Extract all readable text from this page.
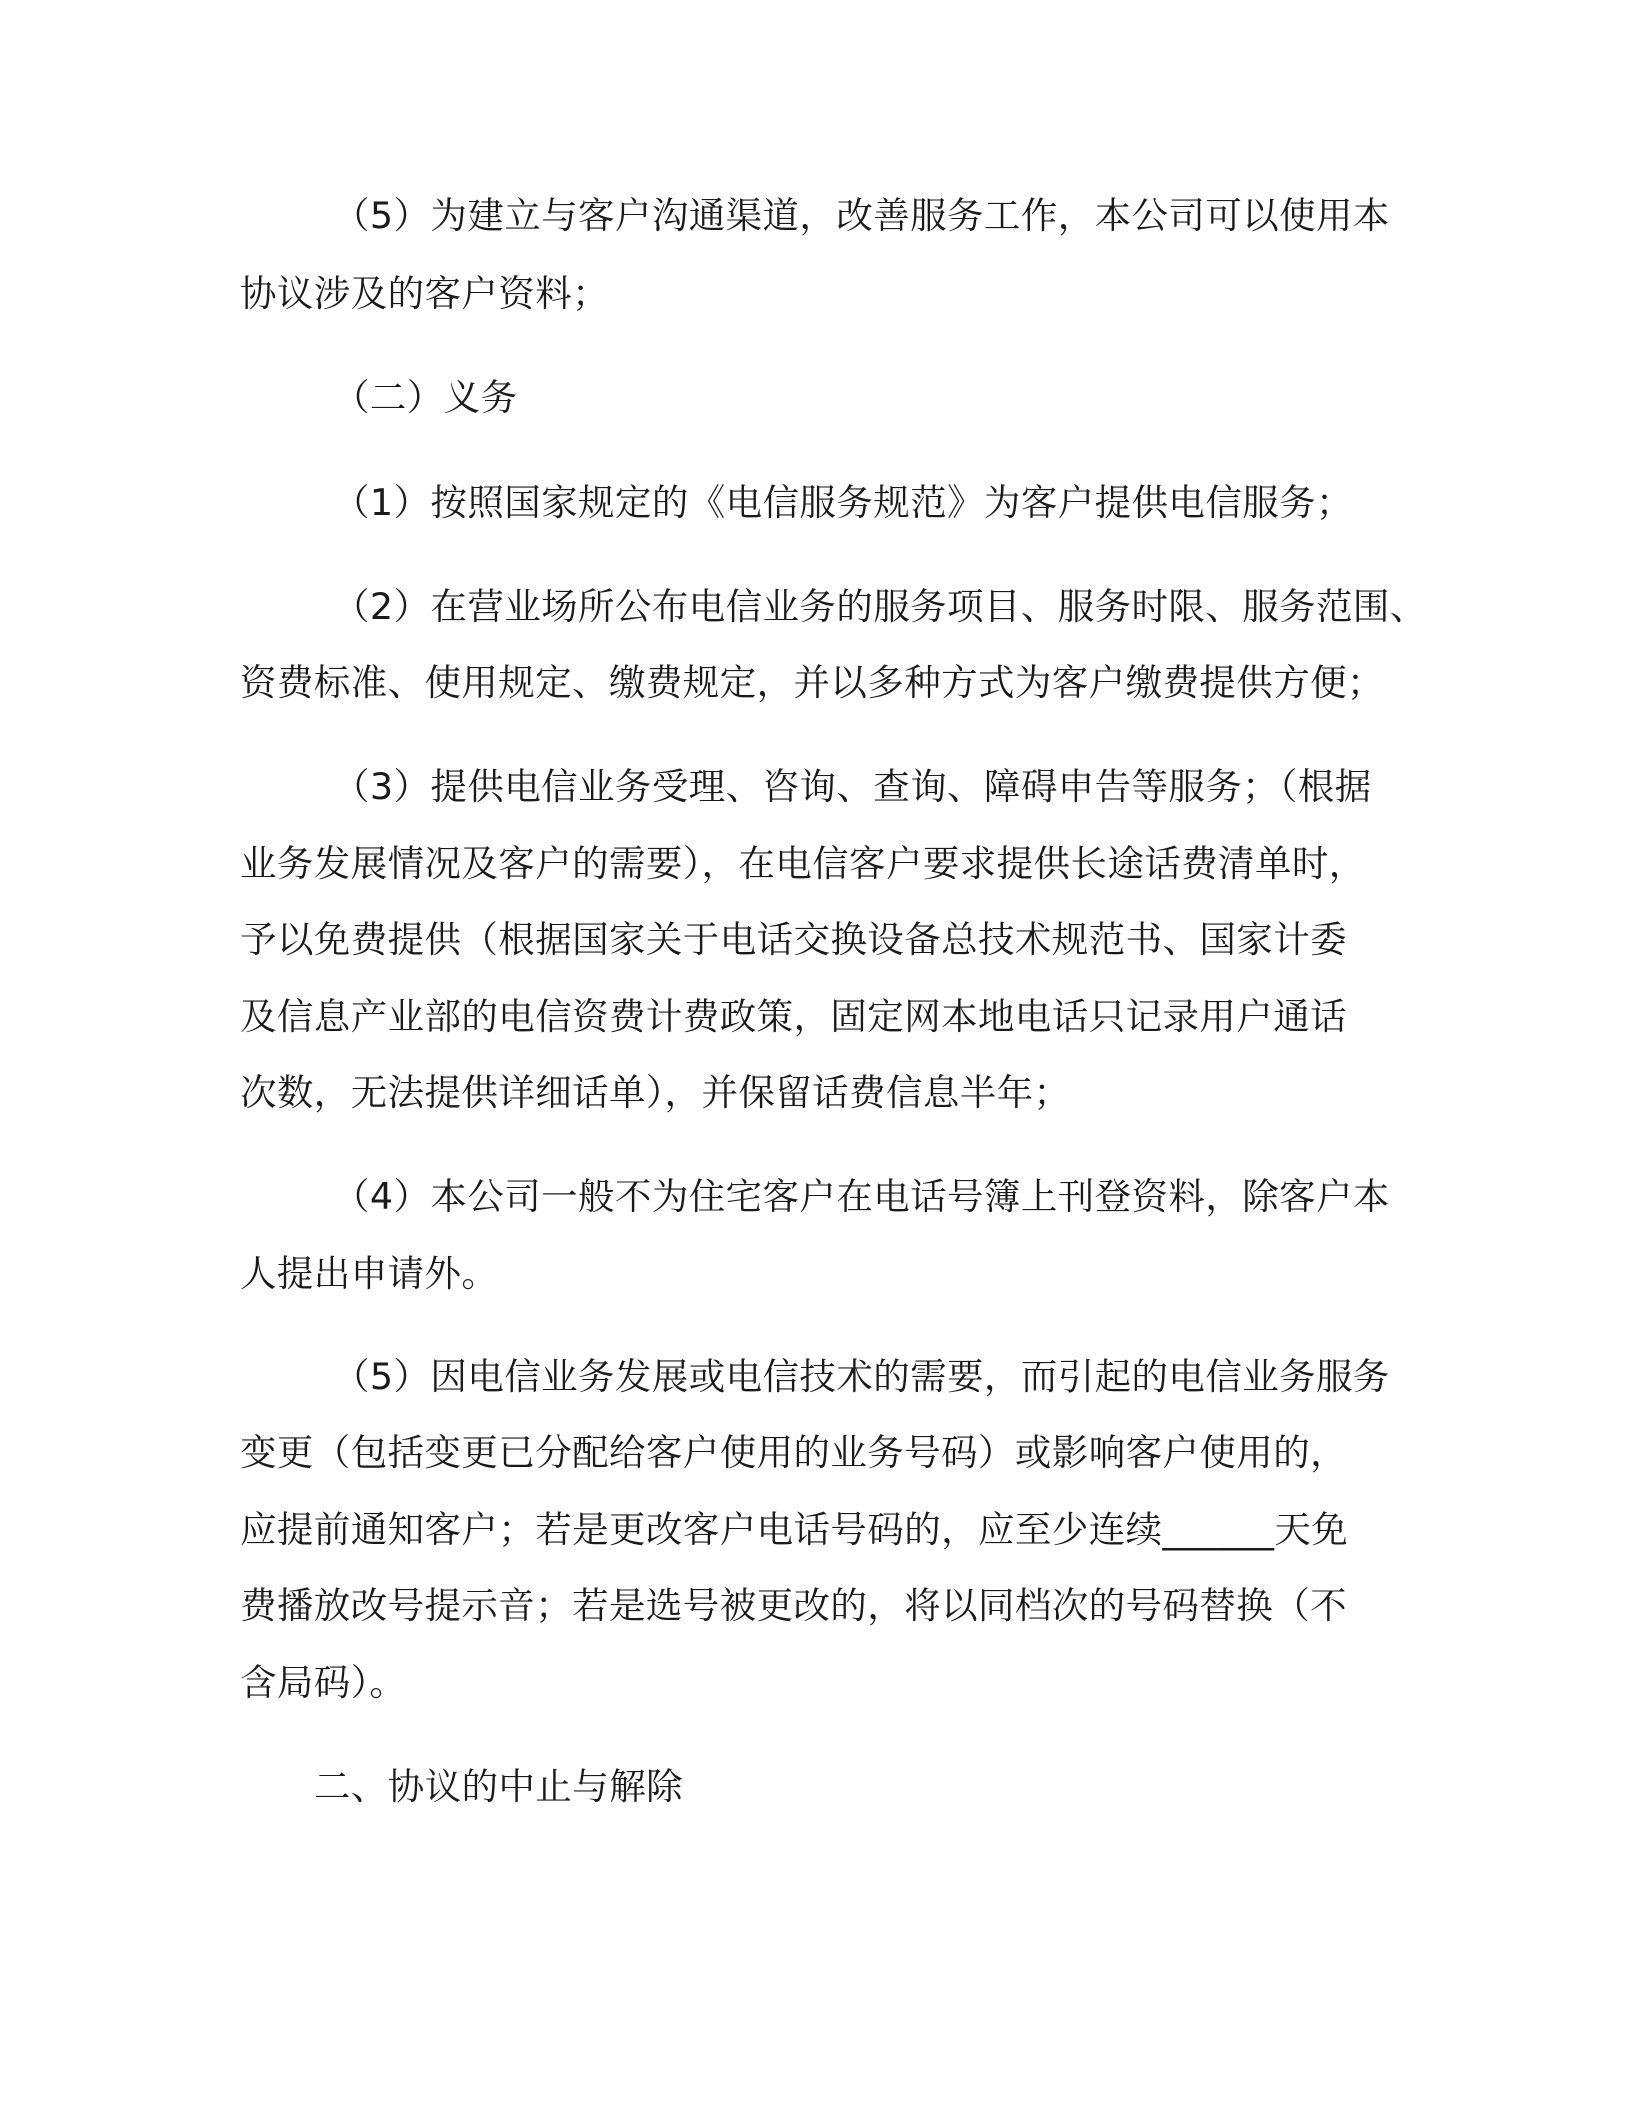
（5）为建立与客户沟通渠道，改善服务工作，本公司可以使用本
协议涉及的客户资料；
（二）义务
（1）按照国家规定的《电信服务规范》为客户提供电信服务；
（2）在营业场所公布电信业务的服务项目、服务时限、服务范围、
资费标准、使用规定、缴费规定，并以多种方式为客户缴费提供方便；
（3）提供电信业务受理、咨询、查询、障碍申告等服务；（根据
业务发展情况及客户的需要），在电信客户要求提供长途话费清单时，
予以免费提供（根据国家关于电话交换设备总技术规范书、国家计委
及信息产业部的电信资费计费政策，固定网本地电话只记录用户通话
次数，无法提供详细话单），并保留话费信息半年；
（4）本公司一般不为住宅客户在电话号簿上刊登资料，除客户本
人提出申请外。
（5）因电信业务发展或电信技术的需要，而引起的电信业务服务
变更（包括变更已分配给客户使用的业务号码）或影响客户使用的，
应提前通知客户；若是更改客户电话号码的，应至少连续______天免
费播放改号提示音；若是选号被更改的，将以同档次的号码替换（不
含局码）。
二、协议的中止与解除
